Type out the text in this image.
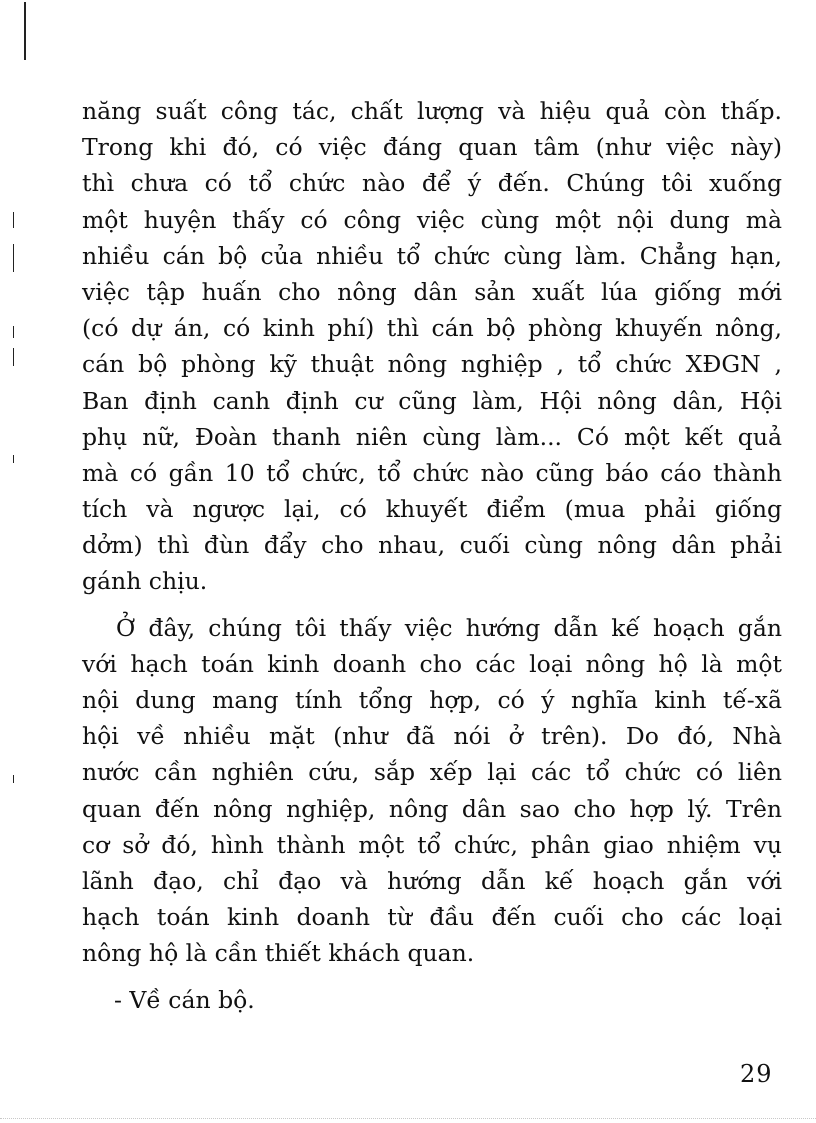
năng suất công tác, chất lượng và hiệu quả còn thấp.
Trong khi đó, có việc đáng quan tâm (như việc này)
thì chưa có tổ chức nào để ý đến. Chúng tôi xuống
một huyện thấy có công việc cùng một nội dung mà
nhiều cán bộ của nhiều tổ chức cùng làm. Chẳng hạn,
việc tập huấn cho nông dân sản xuất lúa giống mới
(có dự án, có kinh phí) thì cán bộ phòng khuyến nông,
cán bộ phòng kỹ thuật nông nghiệp , tổ chức XĐGN ,
Ban định canh định cư cũng làm, Hội nông dân, Hội
phụ nữ, Đoàn thanh niên cùng làm... Có một kết quả
mà có gần 10 tổ chức, tổ chức nào cũng báo cáo thành
tích và ngược lại, có khuyết điểm (mua phải giống
dởm) thì đùn đẩy cho nhau, cuối cùng nông dân phải
gánh chịu.
Ở đây, chúng tôi thấy việc hướng dẫn kế hoạch gắn
với hạch toán kinh doanh cho các loại nông hộ là một
nội dung mang tính tổng hợp, có ý nghĩa kinh tế-xã
hội về nhiều mặt (như đã nói ở trên). Do đó, Nhà
nước cần nghiên cứu, sắp xếp lại các tổ chức có liên
quan đến nông nghiệp, nông dân sao cho hợp lý. Trên
cơ sở đó, hình thành một tổ chức, phân giao nhiệm vụ
lãnh đạo, chỉ đạo và hướng dẫn kế hoạch gắn với
hạch toán kinh doanh từ đầu đến cuối cho các loại
nông hộ là cần thiết khách quan.
- Về cán bộ.
29
